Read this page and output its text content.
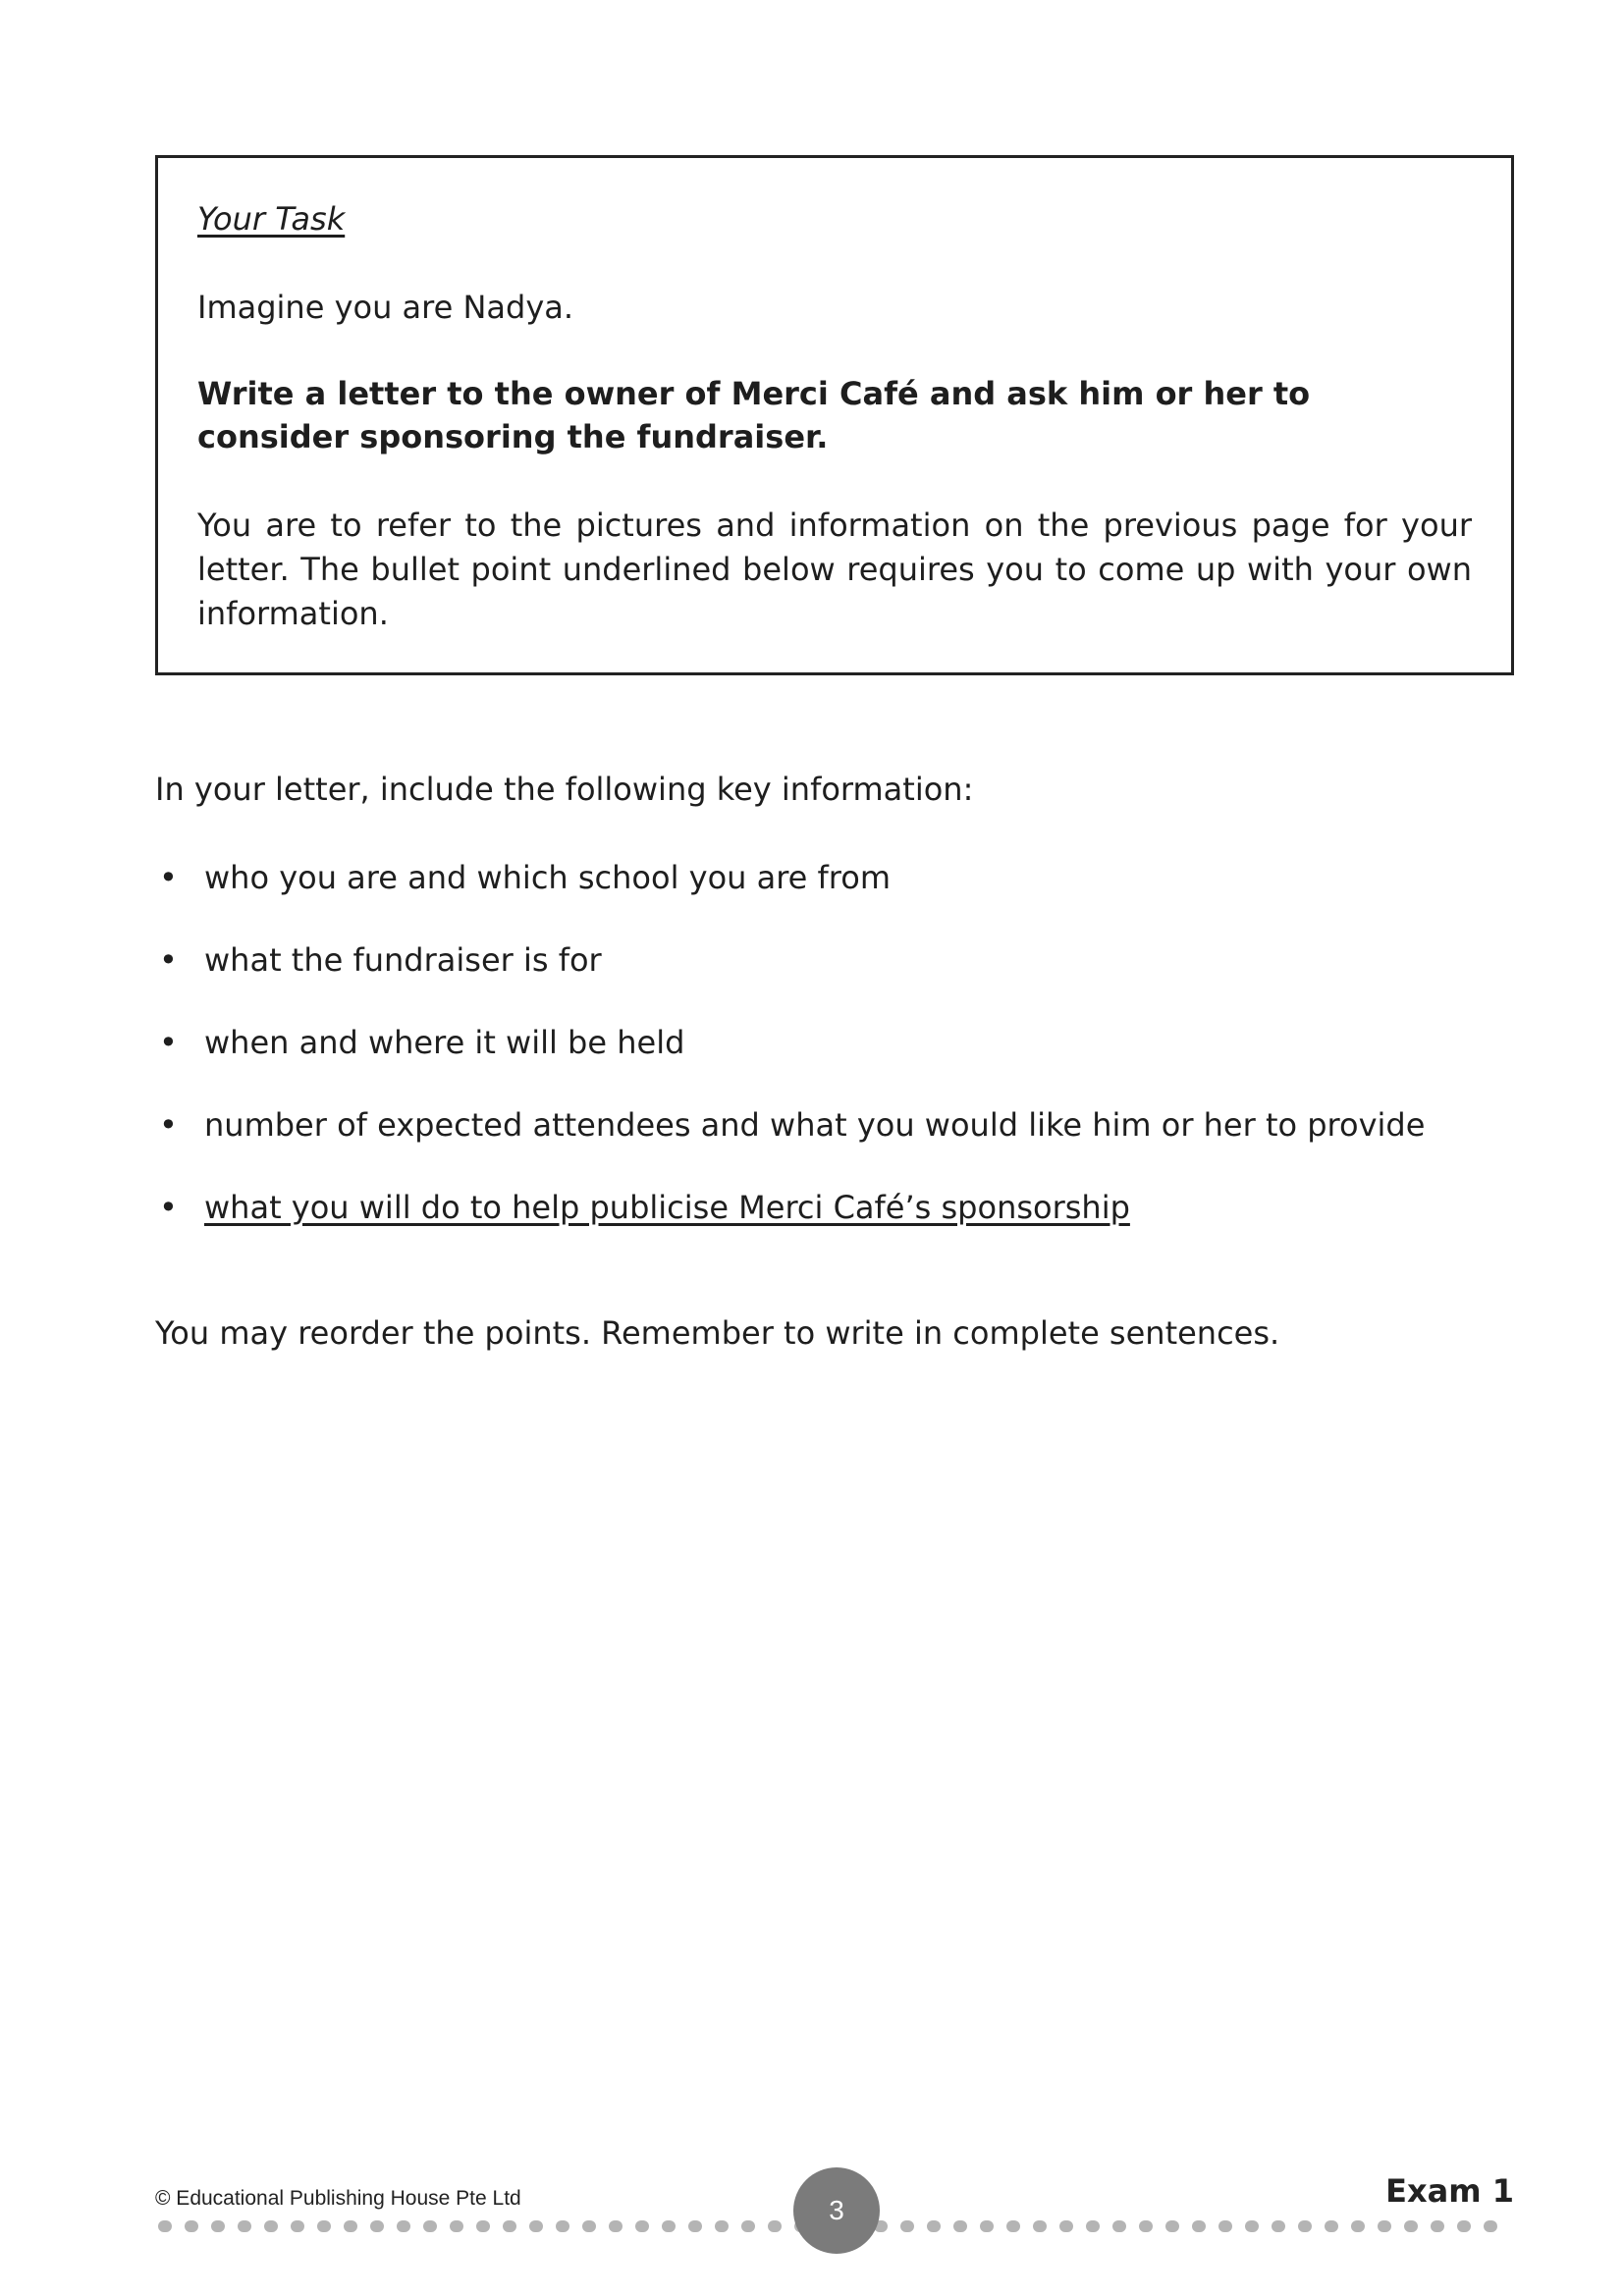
Your Task
Imagine you are Nadya.
Write a letter to the owner of Merci Café and ask him or her to consider sponsoring the fundraiser.
You are to refer to the pictures and information on the previous page for your letter. The bullet point underlined below requires you to come up with your own information.
In your letter, include the following key information:
• who you are and which school you are from
• what the fundraiser is for
• when and where it will be held
• number of expected attendees and what you would like him or her to provide
• what you will do to help publicise Merci Café’s sponsorship
You may reorder the points. Remember to write in complete sentences.
© Educational Publishing House Pte Ltd	3
Exam 1
